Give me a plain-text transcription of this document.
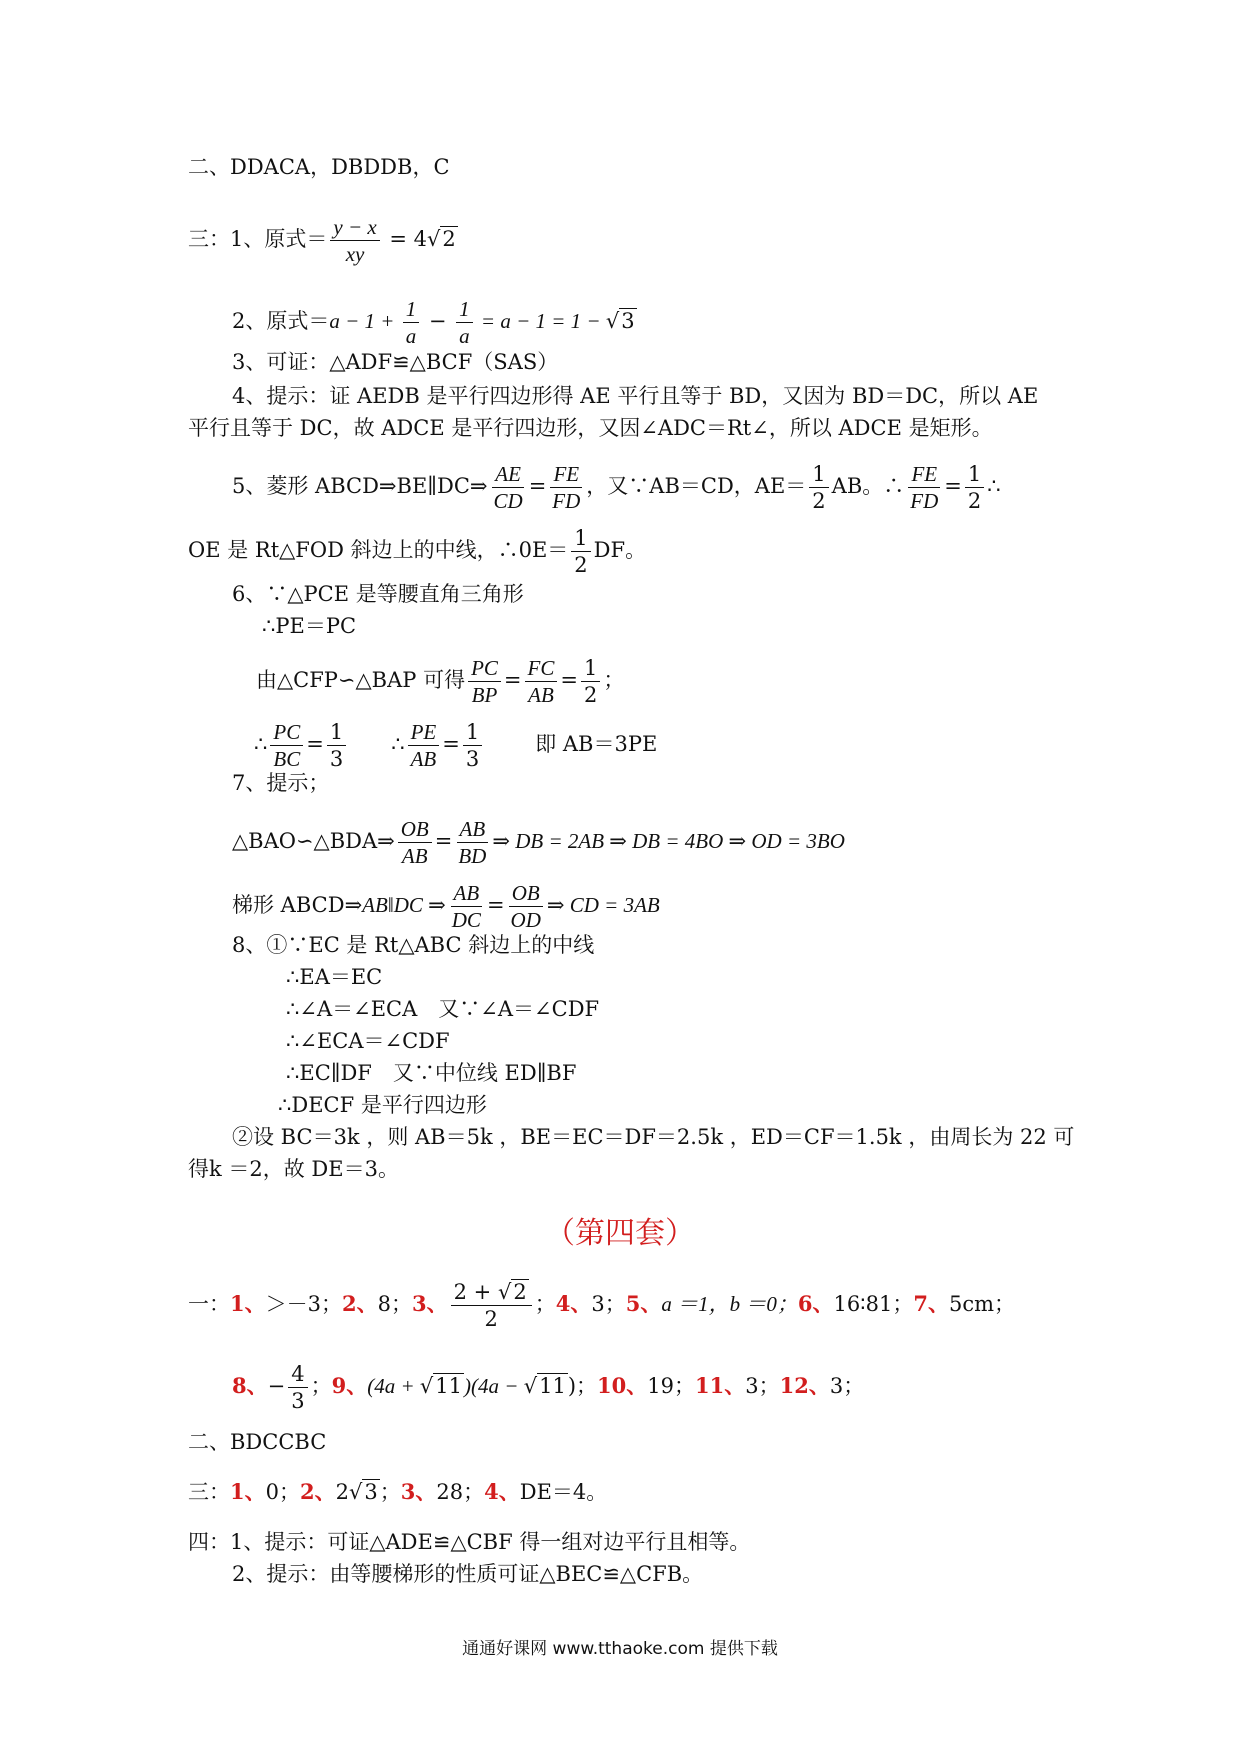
二、DDACA，DBDDB，C
三：1、原式＝ $\frac{y - x}{xy} = 4√2$
2、原式$=a - 1 + \frac{1}{a} - \frac{1}{a} = a - 1 = 1 - √3$
3、可证：△ADF≌△BCF（SAS）
4、提示：证 AEDB 是平行四边形得 AE 平行且等于 BD，又因为 BD＝DC，所以 AE
平行且等于 DC，故 ADCE 是平行四边形，又因∠ADC＝Rt∠，所以 ADCE 是矩形。
5、菱形 ABCD⇒BE∥DC⇒ $\frac{AE}{CD} = \frac{FE}{FD}$ ，又∵AB＝CD，$AE= \frac{1}{2}$ AB。∴ $\frac{FE}{FD} = \frac{1}{2}$ ∴
OE 是 Rt△FOD 斜边上的中线，∴0E＝ $\frac{1}{2}$ DF。
6、∵△PCE 是等腰直角三角形
∴PE＝PC
由△CFP∽△BAP 可得 $\frac{PC}{BP} = \frac{FC}{AB} = \frac{1}{2}$ ；
∴ $\frac{PC}{BC} = \frac{1}{3}$ ∴ $\frac{PE}{AB} = \frac{1}{3}$	即 AB＝3PE
7、提示；
△BAO∽△BDA⇒ $\frac{OB}{AB} = \frac{AB}{BD}$ ⇒ DB = 2AB ⇒ DB = 4BO ⇒ OD = 3BO
梯形 ABCD⇒AB‖DC ⇒ $\frac{AB}{DC} = \frac{OB}{OD}$ ⇒ CD = 3AB
8、①∵EC 是 Rt△ABC 斜边上的中线
∴EA＝EC
∴∠A＝∠ECA　又∵∠A＝∠CDF
∴∠ECA＝∠CDF
∴EC∥DF　又∵中位线 ED∥BF
∴DECF 是平行四边形
②设 BC＝3k ，则 AB＝5k ，BE＝EC＝DF＝2.5k ，ED＝CF＝1.5k ，由周长为 22 可
得k ＝2，故 DE＝3。
（第四套）
一：1、＞－3；2、8；3、 $\frac{2 + √2}{2}$ ；4、3；5、a ＝1，b ＝0；6、16∶81；7、5cm；
8、− $\frac{4}{3}$ ；9、(4a + √11)(4a − √11)；10、19；11、3；12、3；
二、BDCCBC
三：1、0；2、2√3；3、28；4、DE＝4。
四：1、提示：可证△ADE≌△CBF 得一组对边平行且相等。
2、提示：由等腰梯形的性质可证△BEC≌△CFB。
通通好课网 www.tthaoke.com 提供下载
